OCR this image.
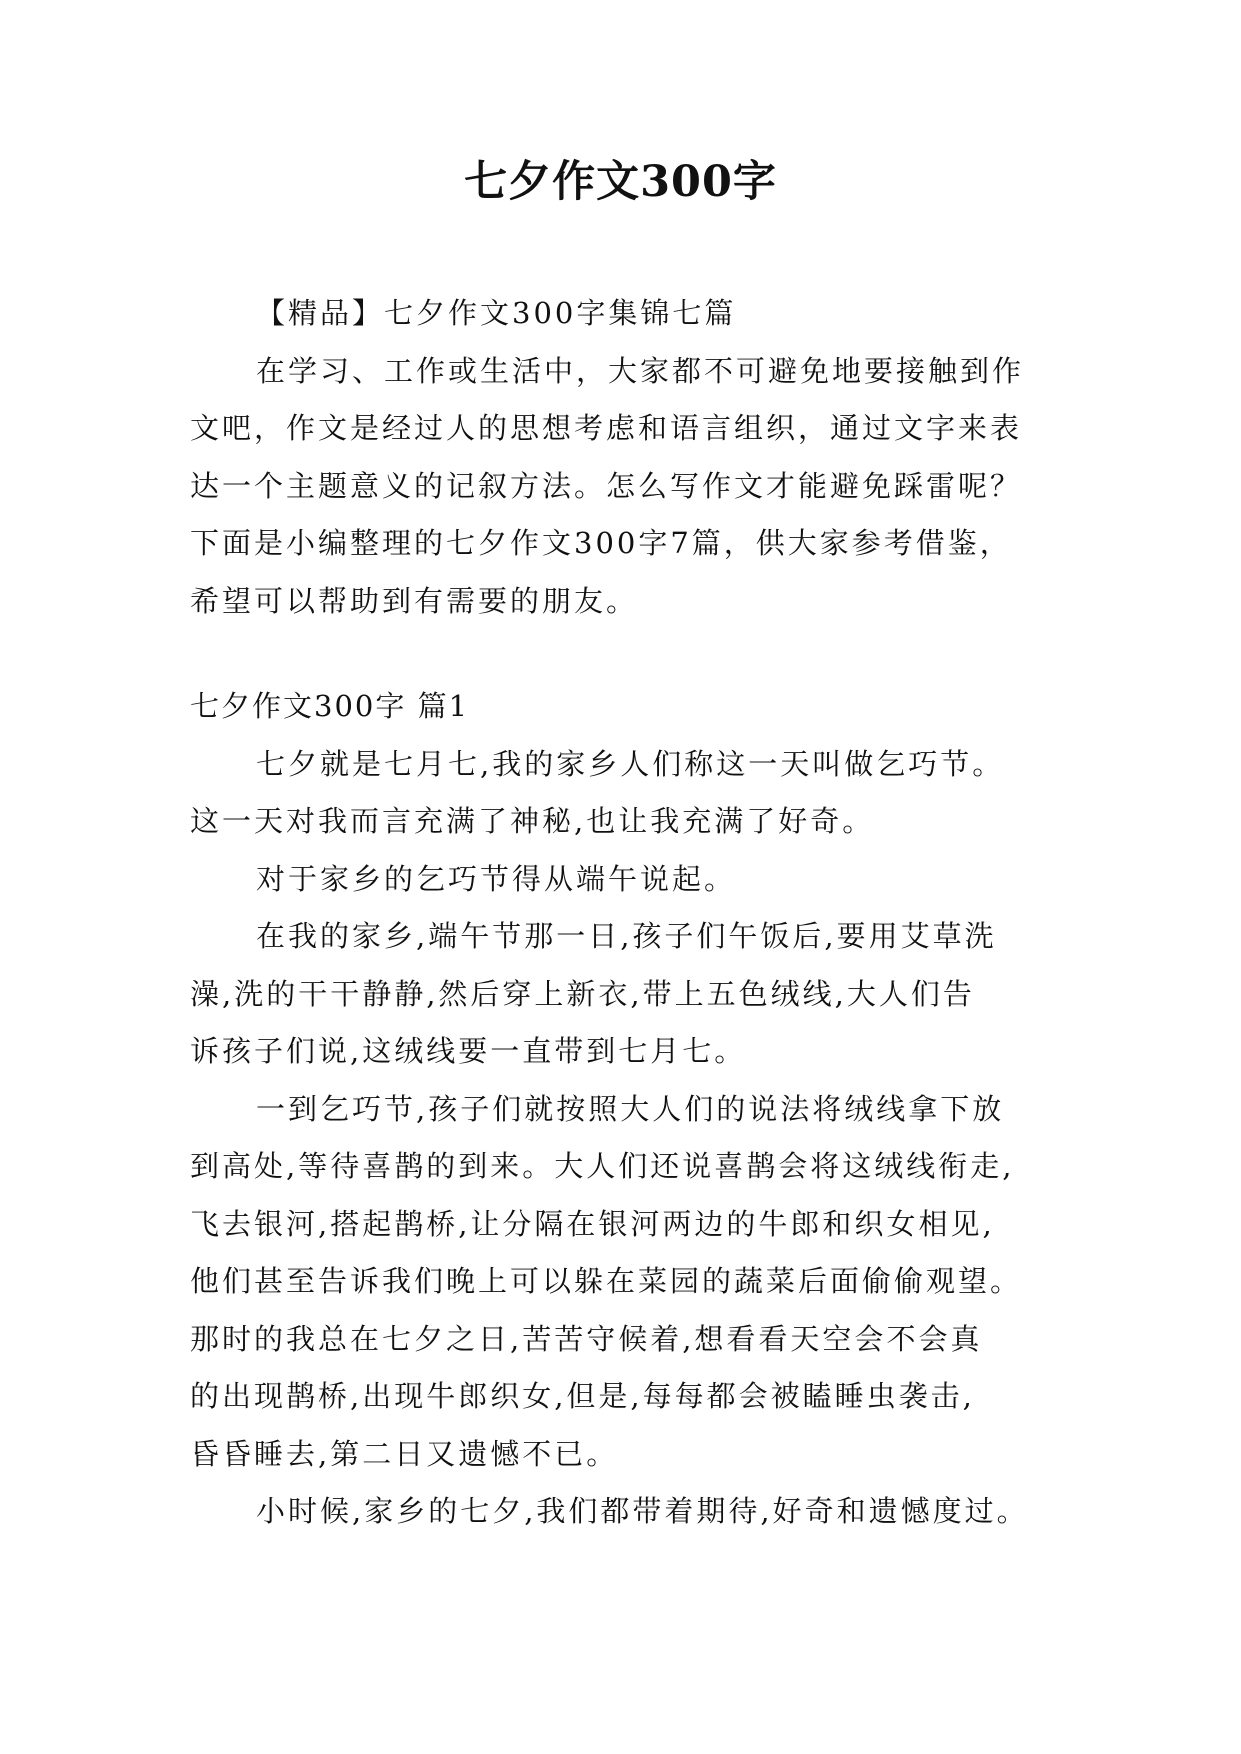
七夕作文300字
【精品】七夕作文300字集锦七篇
在学习、工作或生活中，大家都不可避免地要接触到作
文吧，作文是经过人的思想考虑和语言组织，通过文字来表
达一个主题意义的记叙方法。怎么写作文才能避免踩雷呢？
下面是小编整理的七夕作文300字7篇，供大家参考借鉴，
希望可以帮助到有需要的朋友。
七夕作文300字 篇1
七夕就是七月七,我的家乡人们称这一天叫做乞巧节。
这一天对我而言充满了神秘,也让我充满了好奇。
对于家乡的乞巧节得从端午说起。
在我的家乡,端午节那一日,孩子们午饭后,要用艾草洗
澡,洗的干干静静,然后穿上新衣,带上五色绒线,大人们告
诉孩子们说,这绒线要一直带到七月七。
一到乞巧节,孩子们就按照大人们的说法将绒线拿下放
到高处,等待喜鹊的到来。大人们还说喜鹊会将这绒线衔走,
飞去银河,搭起鹊桥,让分隔在银河两边的牛郎和织女相见,
他们甚至告诉我们晚上可以躲在菜园的蔬菜后面偷偷观望。
那时的我总在七夕之日,苦苦守候着,想看看天空会不会真
的出现鹊桥,出现牛郎织女,但是,每每都会被瞌睡虫袭击,
昏昏睡去,第二日又遗憾不已。
小时候,家乡的七夕,我们都带着期待,好奇和遗憾度过。
